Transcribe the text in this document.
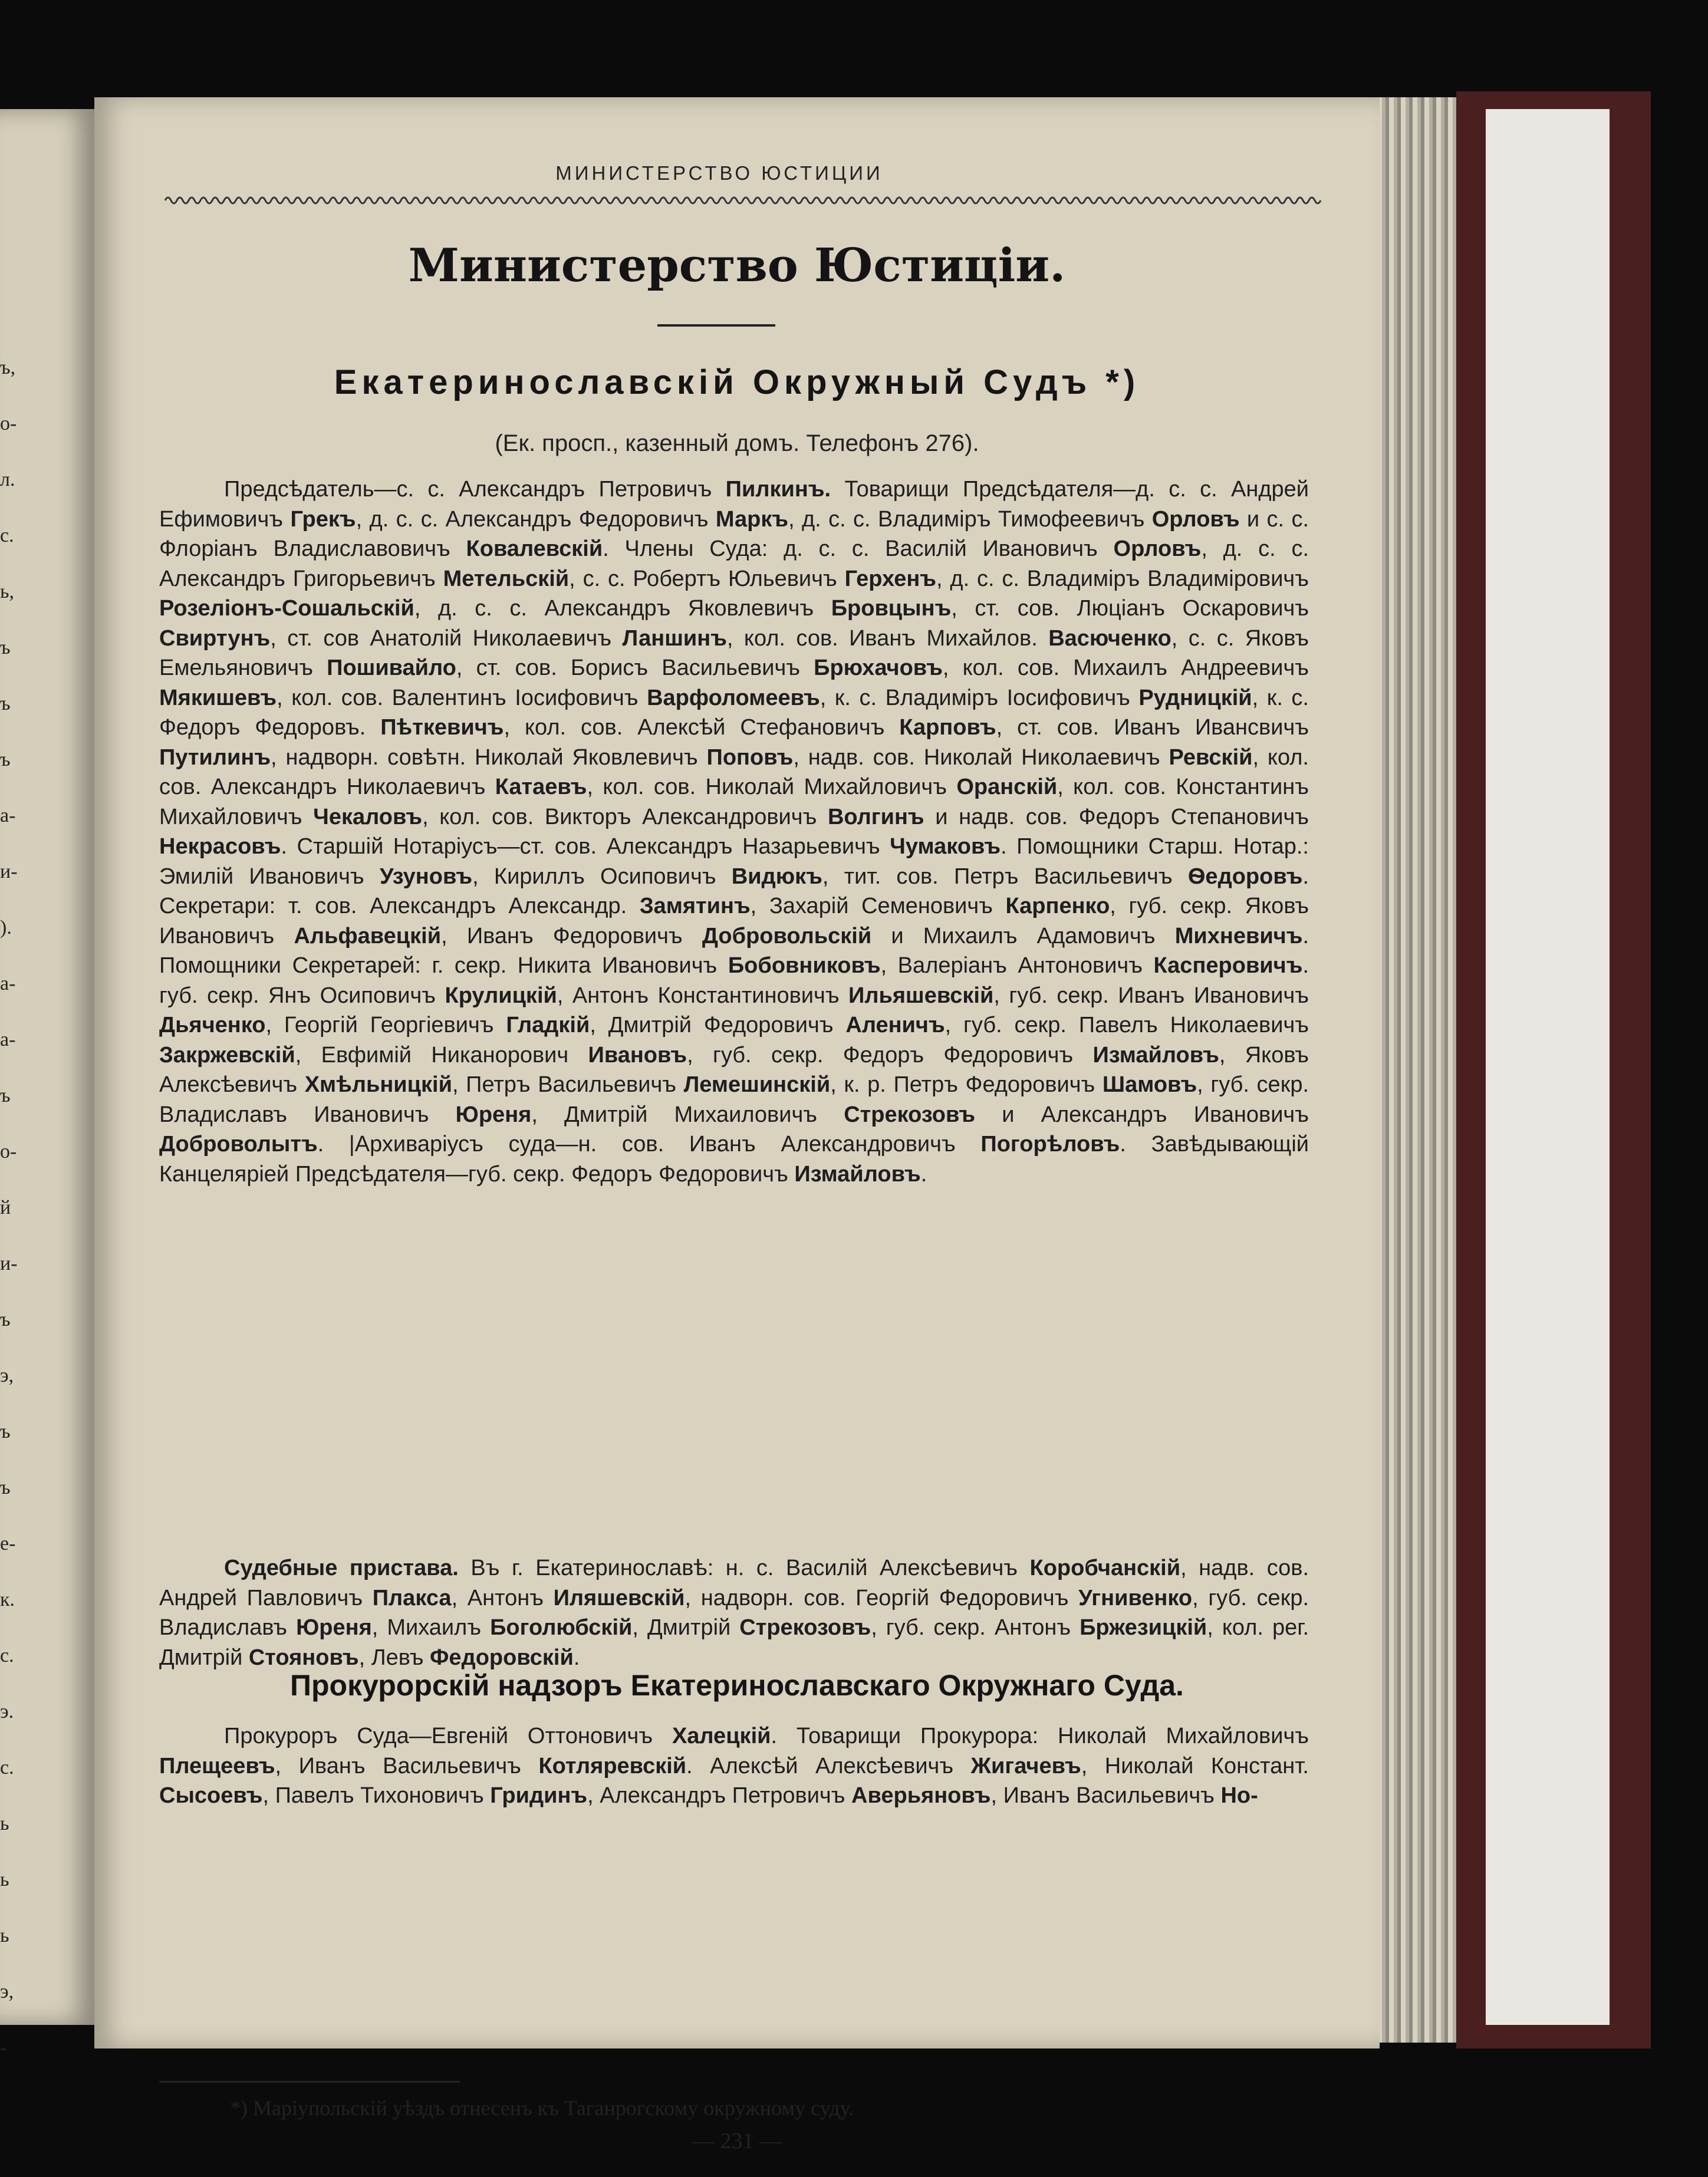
ъ,
о-
л.
с.
ь,
ъ
ъ
ъ
а-
и-
).
а-
а-
ъ
о-
й
и-
ъ
э,
ъ
ъ
е-
к.
с.
э.
с.
ь
ь
ь
э,
-
МИНИСТЕРСТВО ЮСТИЦИИ
Министерство Юстиціи.
Екатеринославскій Окружный Судъ *)
(Ек. просп., казенный домъ. Телефонъ 276).
Предсѣдатель—с. с. Александръ Петровичъ Пилкинъ. Товарищи Предсѣдателя—д. с. с. Андрей Ефимовичъ Грекъ, д. с. с. Александръ Федоровичъ Маркъ, д. с. с. Владиміръ Тимофеевичъ Орловъ и с. с. Флоріанъ Владиславовичъ Ковалевскій. Члены Суда: д. с. с. Василій Ивановичъ Орловъ, д. с. с. Александръ Григорьевичъ Метельскій, с. с. Робертъ Юльевичъ Герхенъ, д. с. с. Владиміръ Владиміровичъ Розеліонъ-Сошальскій, д. с. с. Александръ Яковлевичъ Бровцынъ, ст. сов. Люціанъ Оскаровичъ Свиртунъ, ст. сов Анатолій Николаевичъ Ланшинъ, кол. сов. Иванъ Михайлов. Васюченко, с. с. Яковъ Емельяновичъ Пошивайло, ст. сов. Борисъ Васильевичъ Брюхачовъ, кол. сов. Михаилъ Андреевичъ Мякишевъ, кол. сов. Валентинъ Іосифовичъ Варфоломеевъ, к. с. Владиміръ Іосифовичъ Рудницкій, к. с. Федоръ Федоровъ. Пѣткевичъ, кол. сов. Алексѣй Стефановичъ Карповъ, ст. сов. Иванъ Ивансвичъ Путилинъ, надворн. совѣтн. Николай Яковлевичъ Поповъ, надв. сов. Николай Николаевичъ Ревскій, кол. сов. Александръ Николаевичъ Катаевъ, кол. сов. Николай Михайловичъ Оранскій, кол. сов. Константинъ Михайловичъ Чекаловъ, кол. сов. Викторъ Александровичъ Волгинъ и надв. сов. Федоръ Степановичъ Некрасовъ. Старшій Нотаріусъ—ст. сов. Александръ Назарьевичъ Чумаковъ. Помощники Старш. Нотар.: Эмилій Ивановичъ Узуновъ, Кириллъ Осиповичъ Видюкъ, тит. сов. Петръ Васильевичъ Ѳедоровъ. Секретари: т. сов. Александръ Александр. Замятинъ, Захарій Семеновичъ Карпенко, губ. секр. Яковъ Ивановичъ Альфавецкій, Иванъ Федоровичъ Добровольскій и Михаилъ Адамовичъ Михневичъ. Помощники Секретарей: г. секр. Никита Ивановичъ Бобовниковъ, Валеріанъ Антоновичъ Касперовичъ. губ. секр. Янъ Осиповичъ Крулицкій, Антонъ Константиновичъ Ильяшевскій, губ. секр. Иванъ Ивановичъ Дьяченко, Георгій Георгіевичъ Гладкій, Дмитрій Федоровичъ Аленичъ, губ. секр. Павелъ Николаевичъ Закржевскій, Евфимій Никанорович Ивановъ, губ. секр. Федоръ Федоровичъ Измайловъ, Яковъ Алексѣевичъ Хмѣльницкій, Петръ Васильевичъ Лемешинскій, к. р. Петръ Федоровичъ Шамовъ, губ. секр. Владиславъ Ивановичъ Юреня, Дмитрій Михаиловичъ Стрекозовъ и Александръ Ивановичъ Доброволытъ. |Архиваріусъ суда—н. сов. Иванъ Александровичъ Погорѣловъ. Завѣдывающій Канцеляріей Предсѣдателя—губ. секр. Федоръ Федоровичъ Измайловъ.
Судебные пристава. Въ г. Екатеринославѣ: н. с. Василій Алексѣевичъ Коробчанскій, надв. сов. Андрей Павловичъ Плакса, Антонъ Иляшевскій, надворн. сов. Георгій Федоровичъ Угнивенко, губ. секр. Владиславъ Юреня, Михаилъ Боголюбскій, Дмитрій Стрекозовъ, губ. секр. Антонъ Бржезицкій, кол. рег. Дмитрій Стояновъ, Левъ Федоровскій.
Прокурорскій надзоръ Екатеринославскаго Окружнаго Суда.
Прокуроръ Суда—Евгеній Оттоновичъ Халецкій. Товарищи Прокурора: Николай Михайловичъ Плещеевъ, Иванъ Васильевичъ Котляревскій. Алексѣй Алексѣевичъ Жигачевъ, Николай Констант. Сысоевъ, Павелъ Тихоновичъ Гридинъ, Александръ Петровичъ Аверьяновъ, Иванъ Васильевичъ Но-
*) Маріупольскій уѣздъ отнесенъ къ Таганрогскому окружному суду.
— 231 —
